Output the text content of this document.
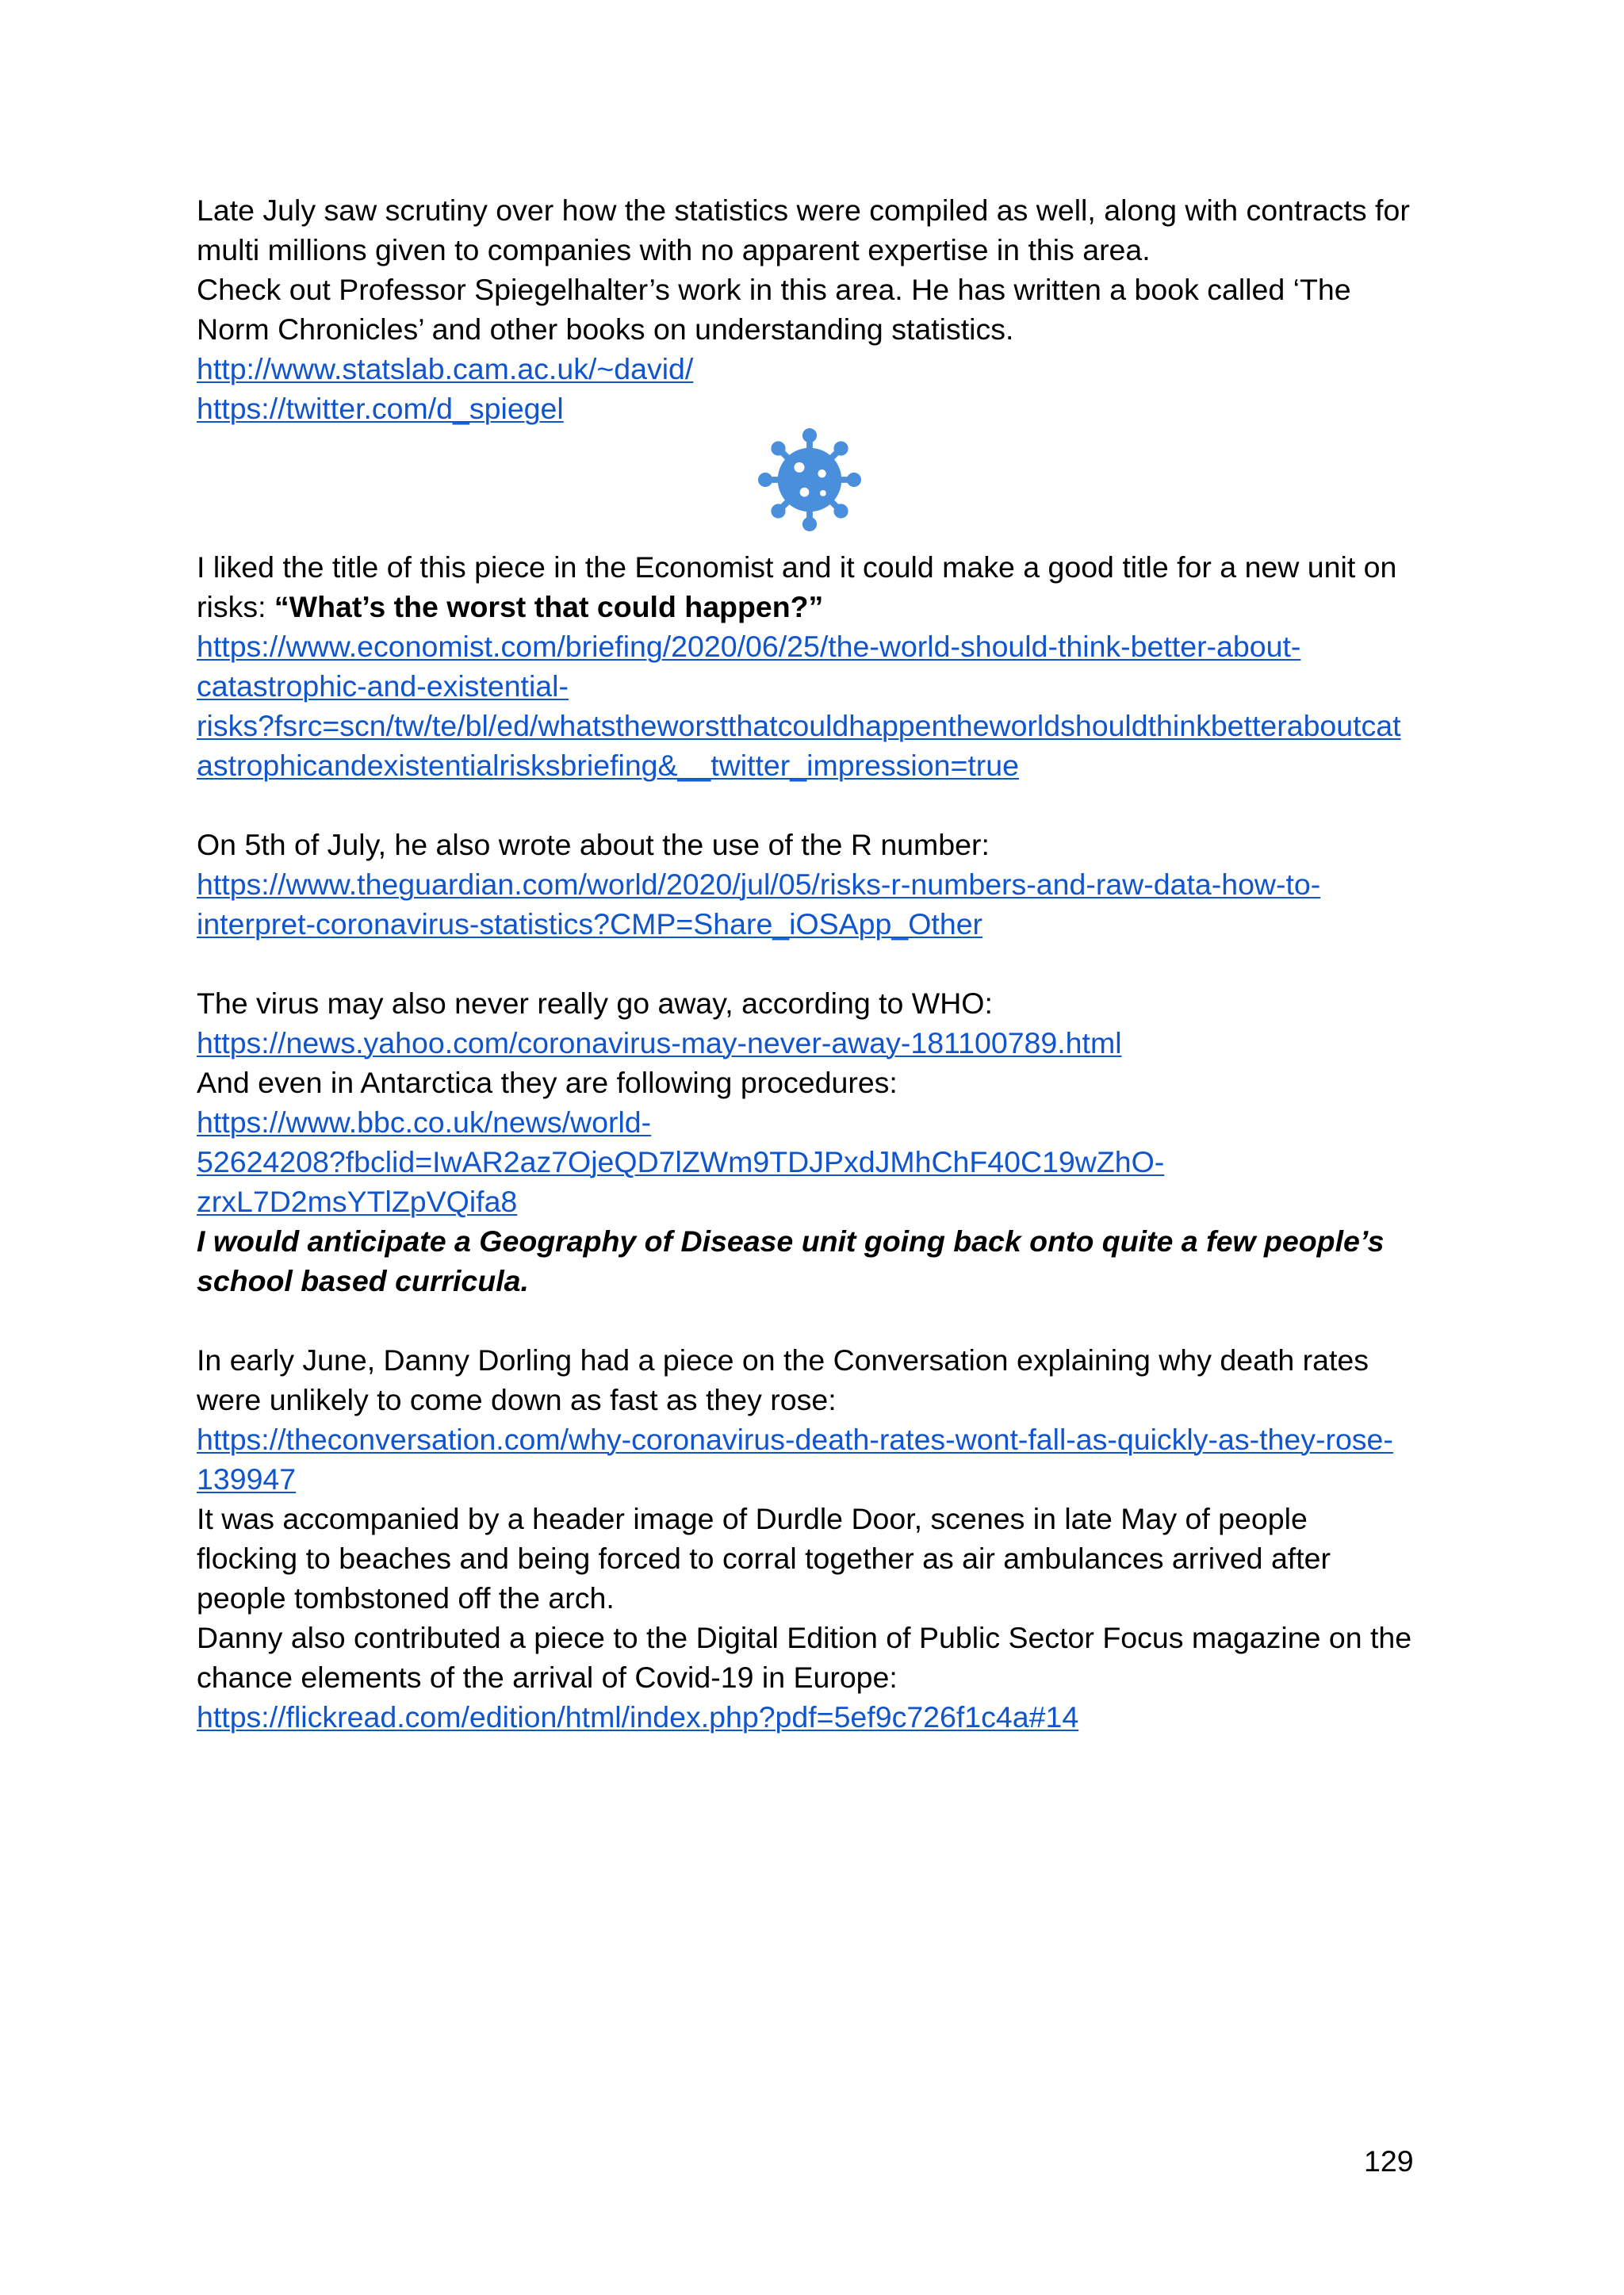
Late July saw scrutiny over how the statistics were compiled as well, along with contracts for
multi millions given to companies with no apparent expertise in this area.
Check out Professor Spiegelhalter’s work in this area. He has written a book called ‘The
Norm Chronicles’ and other books on understanding statistics.
http://www.statslab.cam.ac.uk/~david/
https://twitter.com/d_spiegel
I liked the title of this piece in the Economist and it could make a good title for a new unit on
risks: “What’s the worst that could happen?”
https://www.economist.com/briefing/2020/06/25/the-world-should-think-better-about-
catastrophic-and-existential-
risks?fsrc=scn/tw/te/bl/ed/whatstheworstthatcouldhappentheworldshouldthinkbetteraboutcat
astrophicandexistentialrisksbriefing&__twitter_impression=true
On 5th of July, he also wrote about the use of the R number:
https://www.theguardian.com/world/2020/jul/05/risks-r-numbers-and-raw-data-how-to-
interpret-coronavirus-statistics?CMP=Share_iOSApp_Other
The virus may also never really go away, according to WHO:
https://news.yahoo.com/coronavirus-may-never-away-181100789.html
And even in Antarctica they are following procedures:
https://www.bbc.co.uk/news/world-
52624208?fbclid=IwAR2az7OjeQD7lZWm9TDJPxdJMhChF40C19wZhO-
zrxL7D2msYTlZpVQifa8
I would anticipate a Geography of Disease unit going back onto quite a few people’s
school based curricula.
In early June, Danny Dorling had a piece on the Conversation explaining why death rates
were unlikely to come down as fast as they rose:
https://theconversation.com/why-coronavirus-death-rates-wont-fall-as-quickly-as-they-rose-
139947
It was accompanied by a header image of Durdle Door, scenes in late May of people
flocking to beaches and being forced to corral together as air ambulances arrived after
people tombstoned off the arch.
Danny also contributed a piece to the Digital Edition of Public Sector Focus magazine on the
chance elements of the arrival of Covid-19 in Europe:
https://flickread.com/edition/html/index.php?pdf=5ef9c726f1c4a#14
129
